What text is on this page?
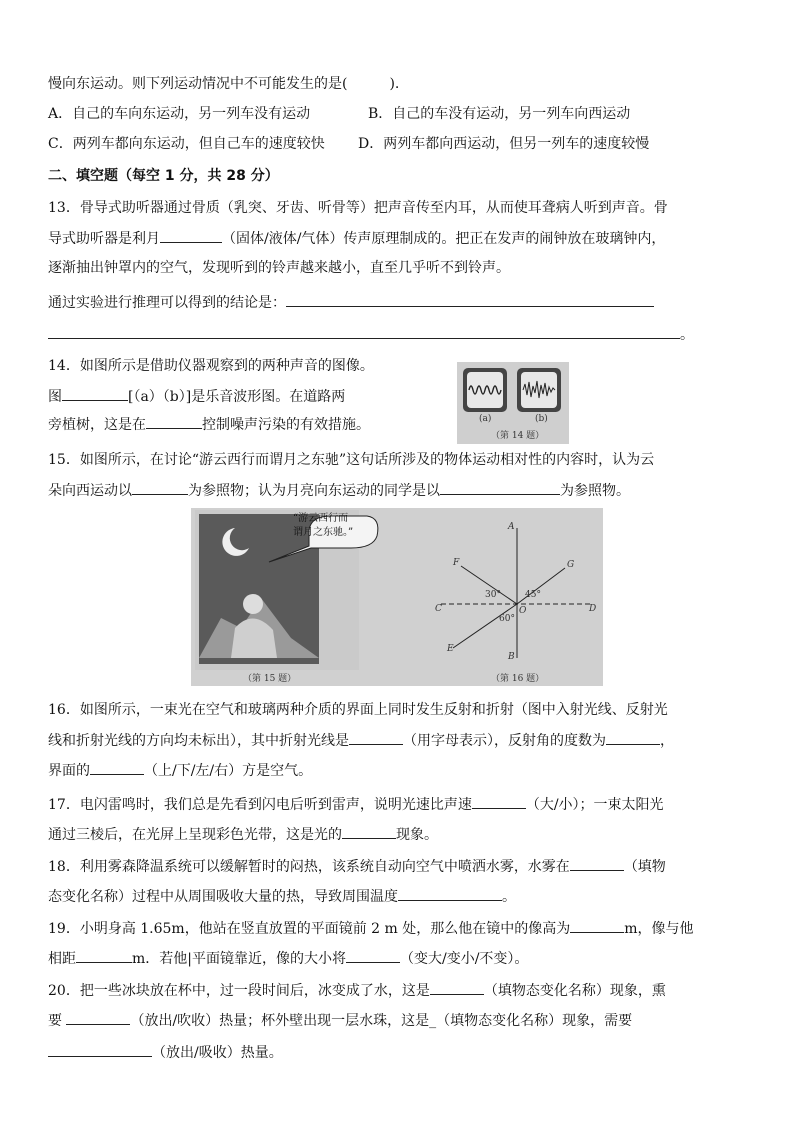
慢向东运动。则下列运动情况中不可能发生的是(　　　).
A．自己的车向东运动，另一列车没有运动	B．自己的车没有运动，另一列车向西运动
C．两列车都向东运动，但自己车的速度较快 D．两列车都向西运动，但另一列车的速度较慢
二、填空题（每空 1 分，共 28 分）
13．骨导式助听器通过骨质（乳突、牙齿、听骨等）把声音传至内耳，从而使耳聋病人听到声音。骨
导式助听器是利月	（固体/液体/气体）传声原理制成的。把正在发声的闹钟放在玻璃钟内，
逐渐抽出钟罩内的空气，发现听到的铃声越来越小，直至几乎听不到铃声。
通过实验进行推理可以得到的结论是：
。
14．如图所示是借助仪器观察到的两种声音的图像。
图	[（a）（b）]是乐音波形图。在道路两
旁植树，这是在	控制噪声污染的有效措施。	(a)	(b)
（第 14 题）
15．如图所示，在讨论“游云西行而谓月之东驰”这句话所涉及的物体运动相对性的内容时，认为云
朵向西运动以	为参照物；认为月亮向东运动的同学是以	为参照物。
“游云西行而
谓月之东驰。”
（第 15 题）
A
B
C	D
E
F	G
O
30°	45°
60°
（第 16 题）
16．如图所示，一束光在空气和玻璃两种介质的界面上同时发生反射和折射（图中入射光线、反射光
线和折射光线的方向均未标出），其中折射光线是	（用字母表示），反射角的度数为	，
界面的	（上/下/左/右）方是空气。
17．电闪雷鸣时，我们总是先看到闪电后听到雷声，说明光速比声速	（大/小）；一束太阳光
通过三棱后，在光屏上呈现彩色光带，这是光的	现象。
18．利用雾森降温系统可以缓解暂时的闷热，该系统自动向空气中喷洒水雾，水雾在	（填物
态变化名称）过程中从周围吸收大量的热，导致周围温度	。
19．小明身高 1.65m，他站在竖直放置的平面镜前 2 m 处，那么他在镜中的像高为	m，像与他
相距	m．若他|平面镜靠近，像的大小将	（变大/变小/不变）。
20．把一些冰块放在杯中，过一段时间后，冰变成了水，这是	（填物态变化名称）现象，熏
要	（放出/吹收）热量；杯外壁出现一层水珠，这是_（填物态变化名称）现象，需要
（放出/吸收）热量。
